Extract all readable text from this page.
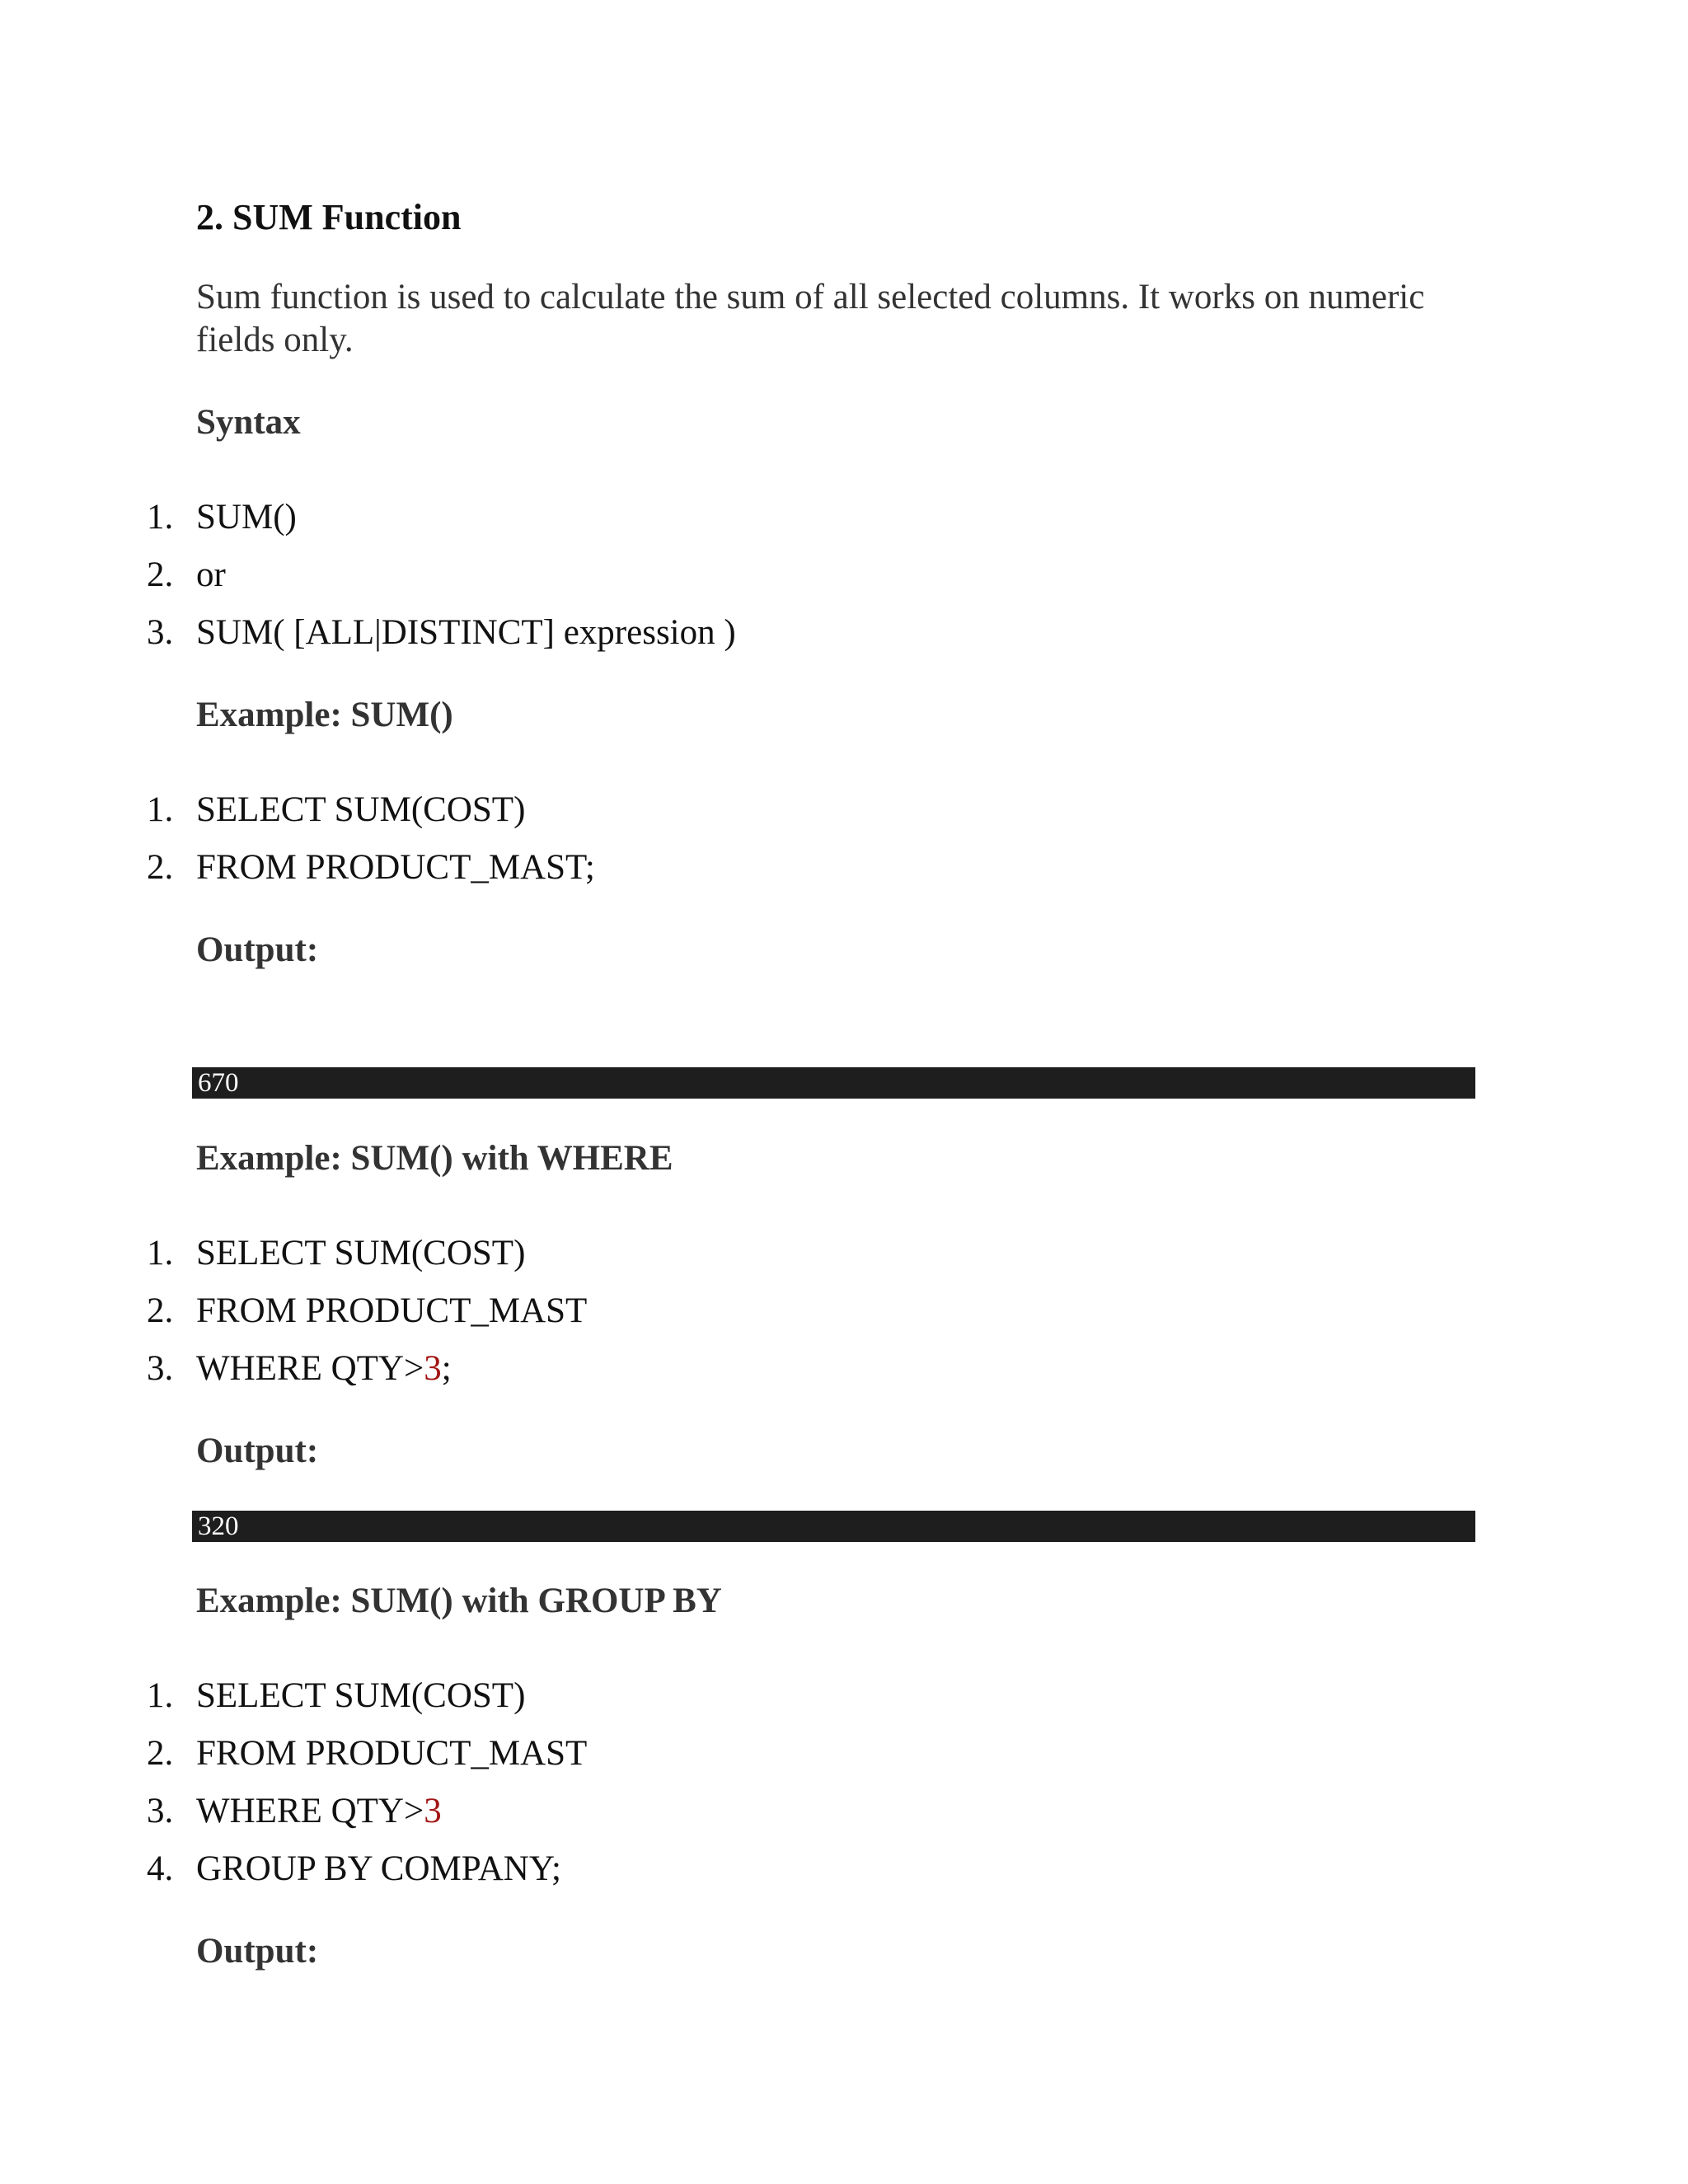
2. SUM Function
Sum function is used to calculate the sum of all selected columns. It works on numeric fields only.
Syntax
1. SUM()
2. or
3. SUM( [ALL|DISTINCT] expression )
Example: SUM()
1. SELECT SUM(COST)
2. FROM PRODUCT_MAST;
Output:
670
Example: SUM() with WHERE
1. SELECT SUM(COST)
2. FROM PRODUCT_MAST
3. WHERE QTY>3;
Output:
320
Example: SUM() with GROUP BY
1. SELECT SUM(COST)
2. FROM PRODUCT_MAST
3. WHERE QTY>3
4. GROUP BY COMPANY;
Output:
